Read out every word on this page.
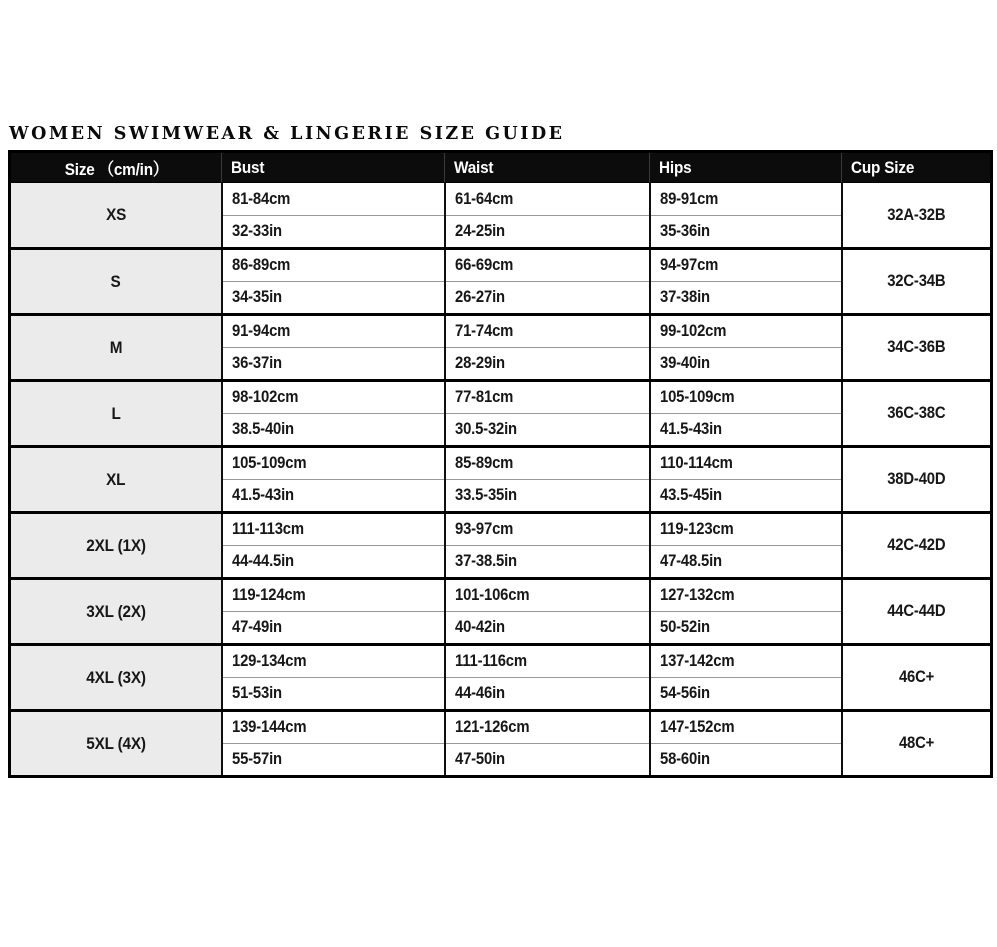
WOMEN SWIMWEAR & LINGERIE SIZE GUIDE
Size （cm/in）	Bust	Waist	Hips	Cup Size
XS	81-84cm	61-64cm	89-91cm	32A-32B
	32-33in	24-25in	35-36in	
S	86-89cm	66-69cm	94-97cm	32C-34B
	34-35in	26-27in	37-38in	
M	91-94cm	71-74cm	99-102cm	34C-36B
	36-37in	28-29in	39-40in	
L	98-102cm	77-81cm	105-109cm	36C-38C
	38.5-40in	30.5-32in	41.5-43in	
XL	105-109cm	85-89cm	110-114cm	38D-40D
	41.5-43in	33.5-35in	43.5-45in	
2XL (1X)	111-113cm	93-97cm	119-123cm	42C-42D
	44-44.5in	37-38.5in	47-48.5in	
3XL (2X)	119-124cm	101-106cm	127-132cm	44C-44D
	47-49in	40-42in	50-52in	
4XL (3X)	129-134cm	111-116cm	137-142cm	46C+
	51-53in	44-46in	54-56in	
5XL (4X)	139-144cm	121-126cm	147-152cm	48C+
	55-57in	47-50in	58-60in	
